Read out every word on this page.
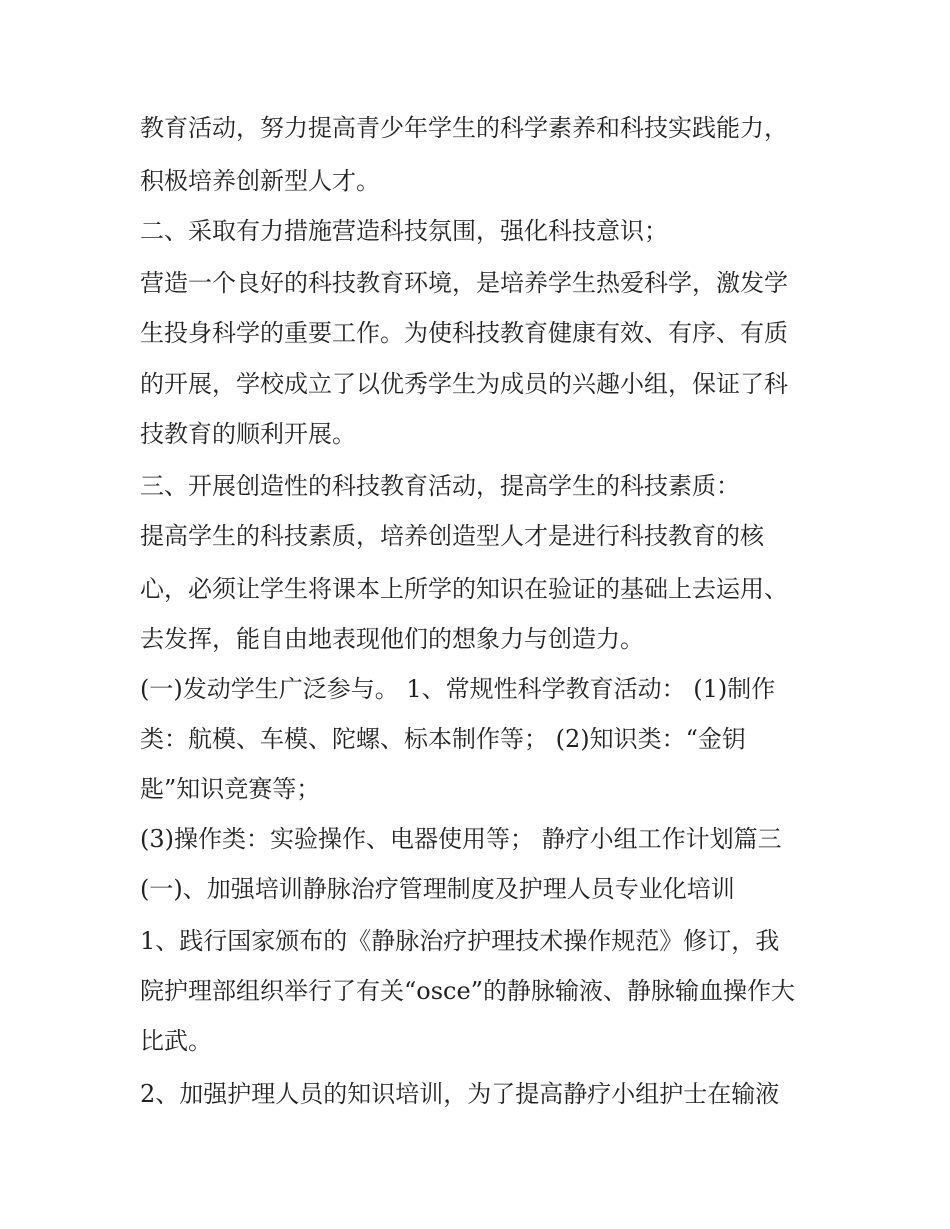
教育活动，努力提高青少年学生的科学素养和科技实践能力，
积极培养创新型人才。
二、采取有力措施营造科技氛围，强化科技意识；
营造一个良好的科技教育环境，是培养学生热爱科学，激发学
生投身科学的重要工作。为使科技教育健康有效、有序、有质
的开展，学校成立了以优秀学生为成员的兴趣小组，保证了科
技教育的顺利开展。
三、开展创造性的科技教育活动，提高学生的科技素质：
提高学生的科技素质，培养创造型人才是进行科技教育的核
心，必须让学生将课本上所学的知识在验证的基础上去运用、
去发挥，能自由地表现他们的想象力与创造力。
(一)发动学生广泛参与。 1、常规性科学教育活动： (1)制作
类：航模、车模、陀螺、标本制作等； (2)知识类：“金钥
匙”知识竞赛等；
(3)操作类：实验操作、电器使用等； 静疗小组工作计划篇三
(一)、加强培训静脉治疗管理制度及护理人员专业化培训
1、践行国家颁布的《静脉治疗护理技术操作规范》修订，我
院护理部组织举行了有关“osce”的静脉输液、静脉输血操作大
比武。
2、加强护理人员的知识培训，为了提高静疗小组护士在输液
